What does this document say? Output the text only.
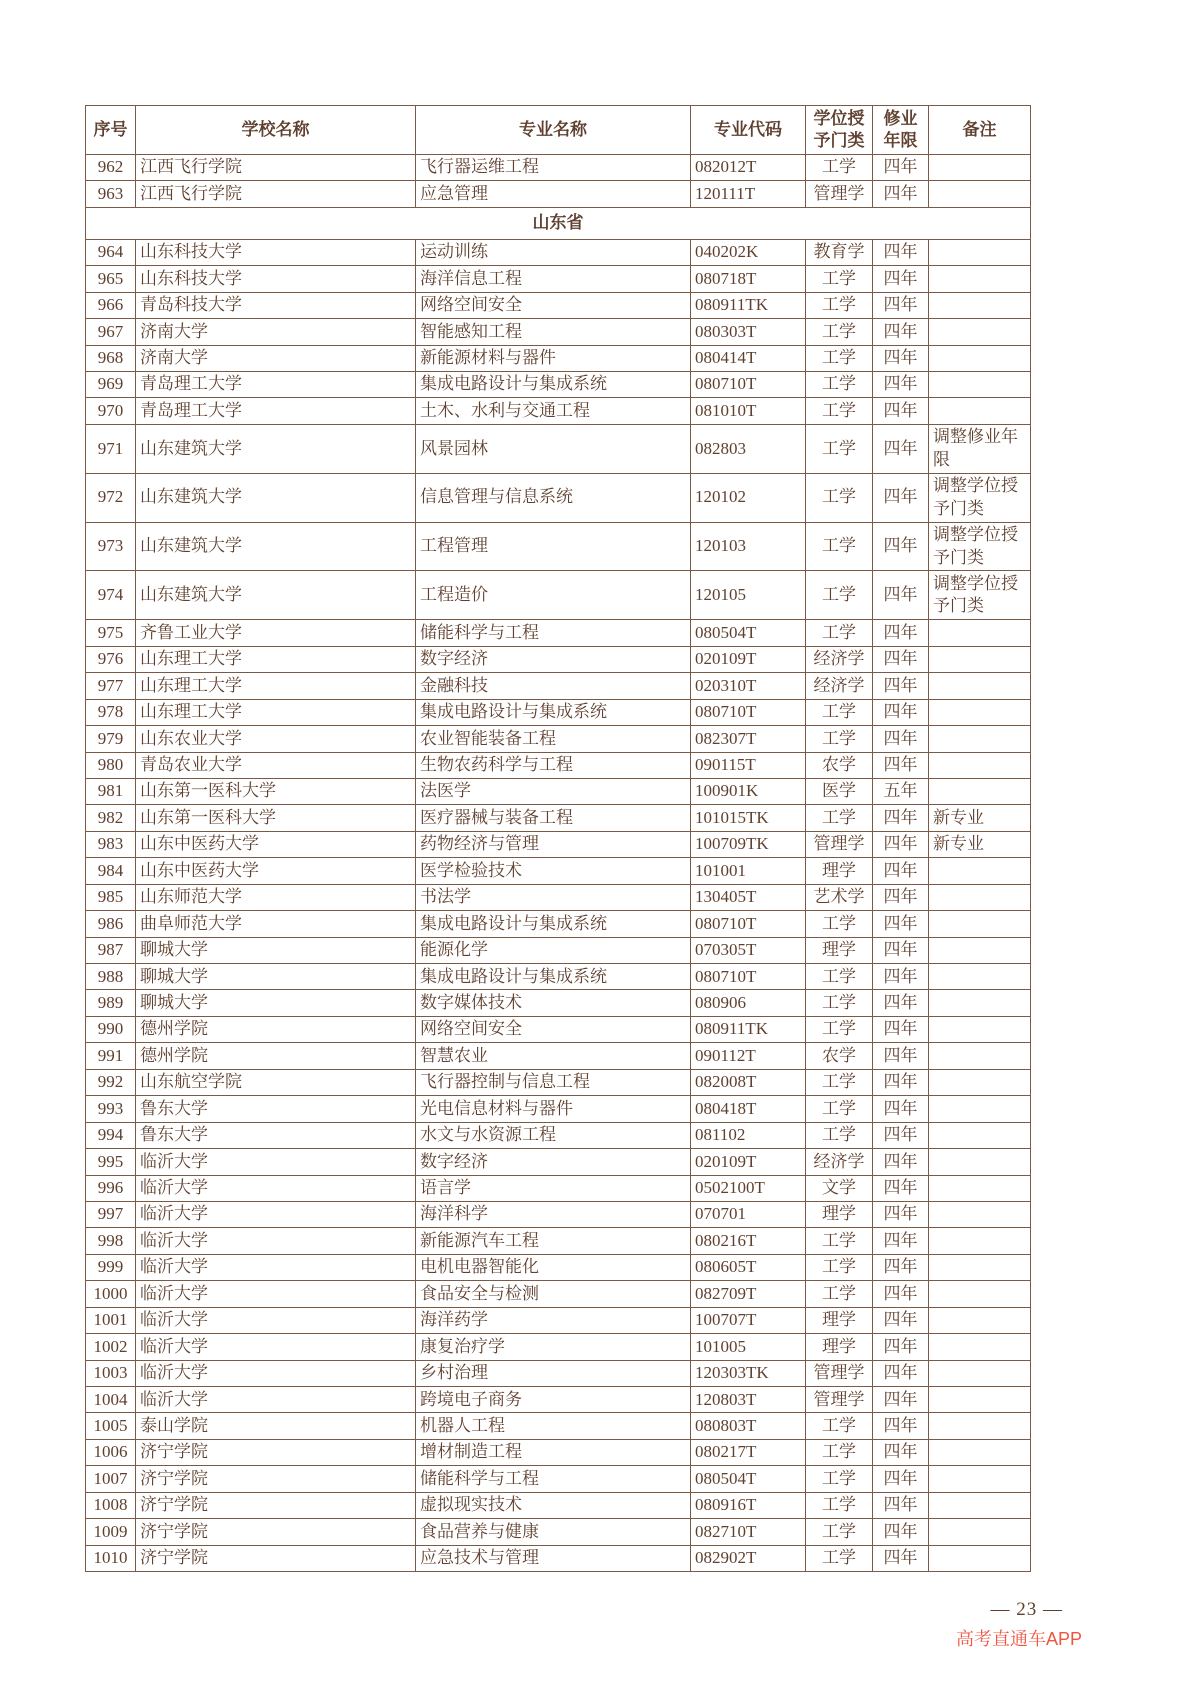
序号	学校名称	专业名称	专业代码	学位授予门类	修业年限	备注
962	江西飞行学院	飞行器运维工程	082012T	工学	四年	
963	江西飞行学院	应急管理	120111T	管理学	四年	
山东省						
964	山东科技大学	运动训练	040202K	教育学	四年	
965	山东科技大学	海洋信息工程	080718T	工学	四年	
966	青岛科技大学	网络空间安全	080911TK	工学	四年	
967	济南大学	智能感知工程	080303T	工学	四年	
968	济南大学	新能源材料与器件	080414T	工学	四年	
969	青岛理工大学	集成电路设计与集成系统	080710T	工学	四年	
970	青岛理工大学	土木、水利与交通工程	081010T	工学	四年	
971	山东建筑大学	风景园林	082803	工学	四年	调整修业年限
972	山东建筑大学	信息管理与信息系统	120102	工学	四年	调整学位授予门类
973	山东建筑大学	工程管理	120103	工学	四年	调整学位授予门类
974	山东建筑大学	工程造价	120105	工学	四年	调整学位授予门类
975	齐鲁工业大学	储能科学与工程	080504T	工学	四年	
976	山东理工大学	数字经济	020109T	经济学	四年	
977	山东理工大学	金融科技	020310T	经济学	四年	
978	山东理工大学	集成电路设计与集成系统	080710T	工学	四年	
979	山东农业大学	农业智能装备工程	082307T	工学	四年	
980	青岛农业大学	生物农药科学与工程	090115T	农学	四年	
981	山东第一医科大学	法医学	100901K	医学	五年	
982	山东第一医科大学	医疗器械与装备工程	101015TK	工学	四年	新专业
983	山东中医药大学	药物经济与管理	100709TK	管理学	四年	新专业
984	山东中医药大学	医学检验技术	101001	理学	四年	
985	山东师范大学	书法学	130405T	艺术学	四年	
986	曲阜师范大学	集成电路设计与集成系统	080710T	工学	四年	
987	聊城大学	能源化学	070305T	理学	四年	
988	聊城大学	集成电路设计与集成系统	080710T	工学	四年	
989	聊城大学	数字媒体技术	080906	工学	四年	
990	德州学院	网络空间安全	080911TK	工学	四年	
991	德州学院	智慧农业	090112T	农学	四年	
992	山东航空学院	飞行器控制与信息工程	082008T	工学	四年	
993	鲁东大学	光电信息材料与器件	080418T	工学	四年	
994	鲁东大学	水文与水资源工程	081102	工学	四年	
995	临沂大学	数字经济	020109T	经济学	四年	
996	临沂大学	语言学	0502100T	文学	四年	
997	临沂大学	海洋科学	070701	理学	四年	
998	临沂大学	新能源汽车工程	080216T	工学	四年	
999	临沂大学	电机电器智能化	080605T	工学	四年	
1000	临沂大学	食品安全与检测	082709T	工学	四年	
1001	临沂大学	海洋药学	100707T	理学	四年	
1002	临沂大学	康复治疗学	101005	理学	四年	
1003	临沂大学	乡村治理	120303TK	管理学	四年	
1004	临沂大学	跨境电子商务	120803T	管理学	四年	
1005	泰山学院	机器人工程	080803T	工学	四年	
1006	济宁学院	增材制造工程	080217T	工学	四年	
1007	济宁学院	储能科学与工程	080504T	工学	四年	
1008	济宁学院	虚拟现实技术	080916T	工学	四年	
1009	济宁学院	食品营养与健康	082710T	工学	四年	
1010	济宁学院	应急技术与管理	082902T	工学	四年	
— 23 —
高考直通车APP
